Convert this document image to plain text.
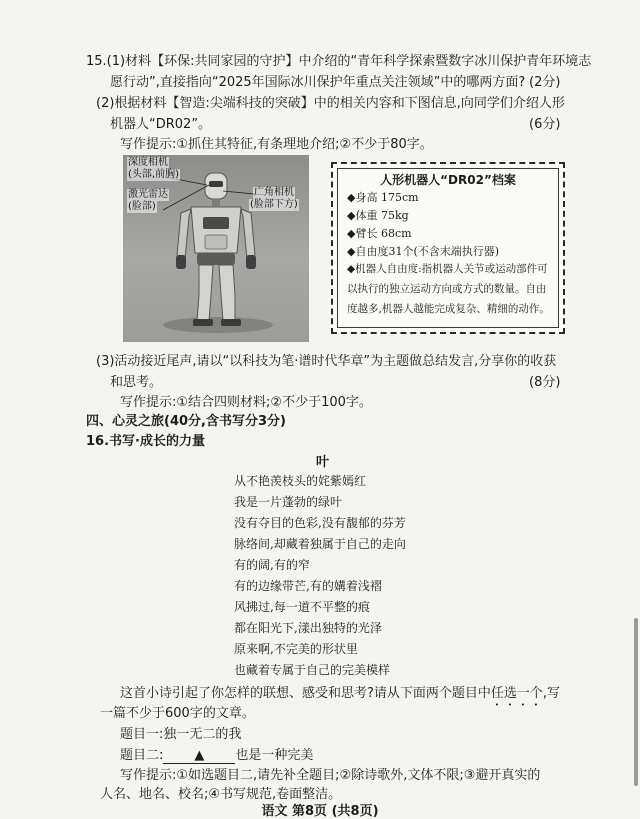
15.(1)材料【环保:共同家园的守护】中介绍的“青年科学探索暨数字冰川保护青年环境志
愿行动”,直接指向“2025年国际冰川保护年重点关注领域”中的哪两方面? (2分)
(2)根据材料【智造:尖端科技的突破】中的相关内容和下图信息,向同学们介绍人形
机器人“DR02”。	(6分)
写作提示:①抓住其特征,有条理地介绍;②不少于80字。
深度相机
(头部,前胸)
激光雷达
(脸部)
广角相机
(脸部下方)
人形机器人“DR02”档案
◆身高 175cm
◆体重 75kg
◆臂长 68cm
◆自由度31个(不含末端执行器)
◆机器人自由度:指机器人关节或运动部件可以执行的独立运动方向或方式的数量。自由度越多,机器人越能完成复杂、精细的动作。
(3)活动接近尾声,请以“以科技为笔·谱时代华章”为主题做总结发言,分享你的收获
和思考。	(8分)
写作提示:①结合四则材料;②不少于100字。
四、心灵之旅(40分,含书写分3分)
16.书写·成长的力量
叶
从不艳羡枝头的姹紫嫣红
我是一片蓬勃的绿叶
没有夺目的色彩,没有馥郁的芬芳
脉络间,却藏着独属于自己的走向
有的阔,有的窄
有的边缘带芒,有的媾着浅褶
风拂过,每一道不平整的痕
都在阳光下,漾出独特的光泽
原来啊,不完美的形状里
也藏着专属于自己的完美模样
这首小诗引起了你怎样的联想、感受和思考?请从下面两个题目中任选一个,写
一篇不少于600字的文章。
题目一:独一无二的我
题目二: ▲ 也是一种完美
写作提示:①如选题目二,请先补全题目;②除诗歌外,文体不限;③避开真实的
人名、地名、校名;④书写规范,卷面整洁。
语文 第8页 (共8页)
